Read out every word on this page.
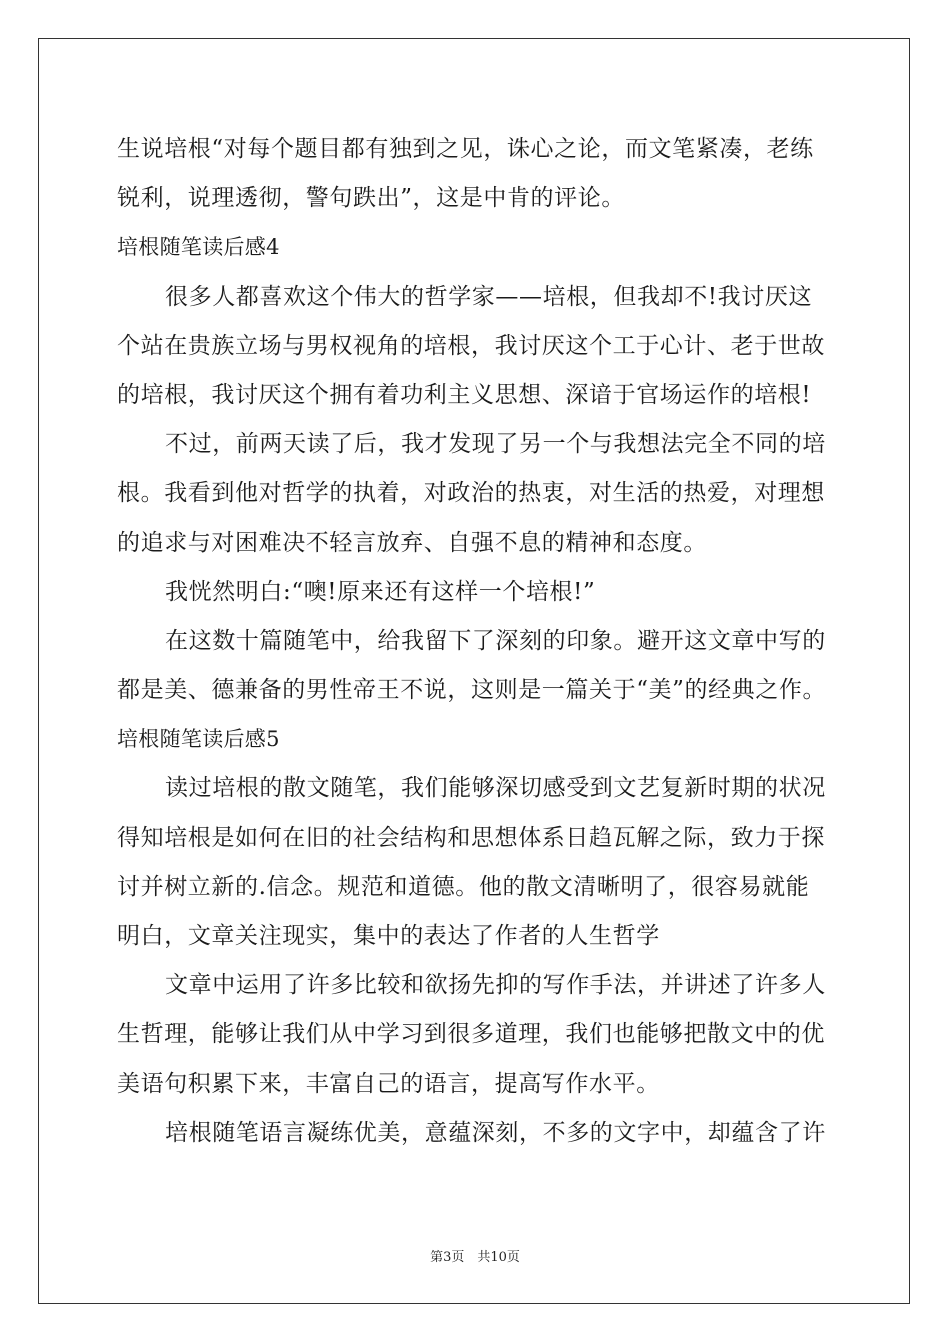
生说培根“对每个题目都有独到之见，诛心之论，而文笔紧凑，老练
锐利，说理透彻，警句跌出”，这是中肯的评论。
培根随笔读后感4
很多人都喜欢这个伟大的哲学家——培根，但我却不!我讨厌这
个站在贵族立场与男权视角的培根，我讨厌这个工于心计、老于世故
的培根，我讨厌这个拥有着功利主义思想、深谙于官场运作的培根!
不过，前两天读了后，我才发现了另一个与我想法完全不同的培
根。我看到他对哲学的执着，对政治的热衷，对生活的热爱，对理想
的追求与对困难决不轻言放弃、自强不息的精神和态度。
我恍然明白:“噢!原来还有这样一个培根!”
在这数十篇随笔中，给我留下了深刻的印象。避开这文章中写的
都是美、德兼备的男性帝王不说，这则是一篇关于“美”的经典之作。
培根随笔读后感5
读过培根的散文随笔，我们能够深切感受到文艺复新时期的状况
得知培根是如何在旧的社会结构和思想体系日趋瓦解之际，致力于探
讨并树立新的.信念。规范和道德。他的散文清晰明了，很容易就能
明白，文章关注现实，集中的表达了作者的人生哲学
文章中运用了许多比较和欲扬先抑的写作手法，并讲述了许多人
生哲理，能够让我们从中学习到很多道理，我们也能够把散文中的优
美语句积累下来，丰富自己的语言，提高写作水平。
培根随笔语言凝练优美，意蕴深刻，不多的文字中，却蕴含了许
第3页　共10页
